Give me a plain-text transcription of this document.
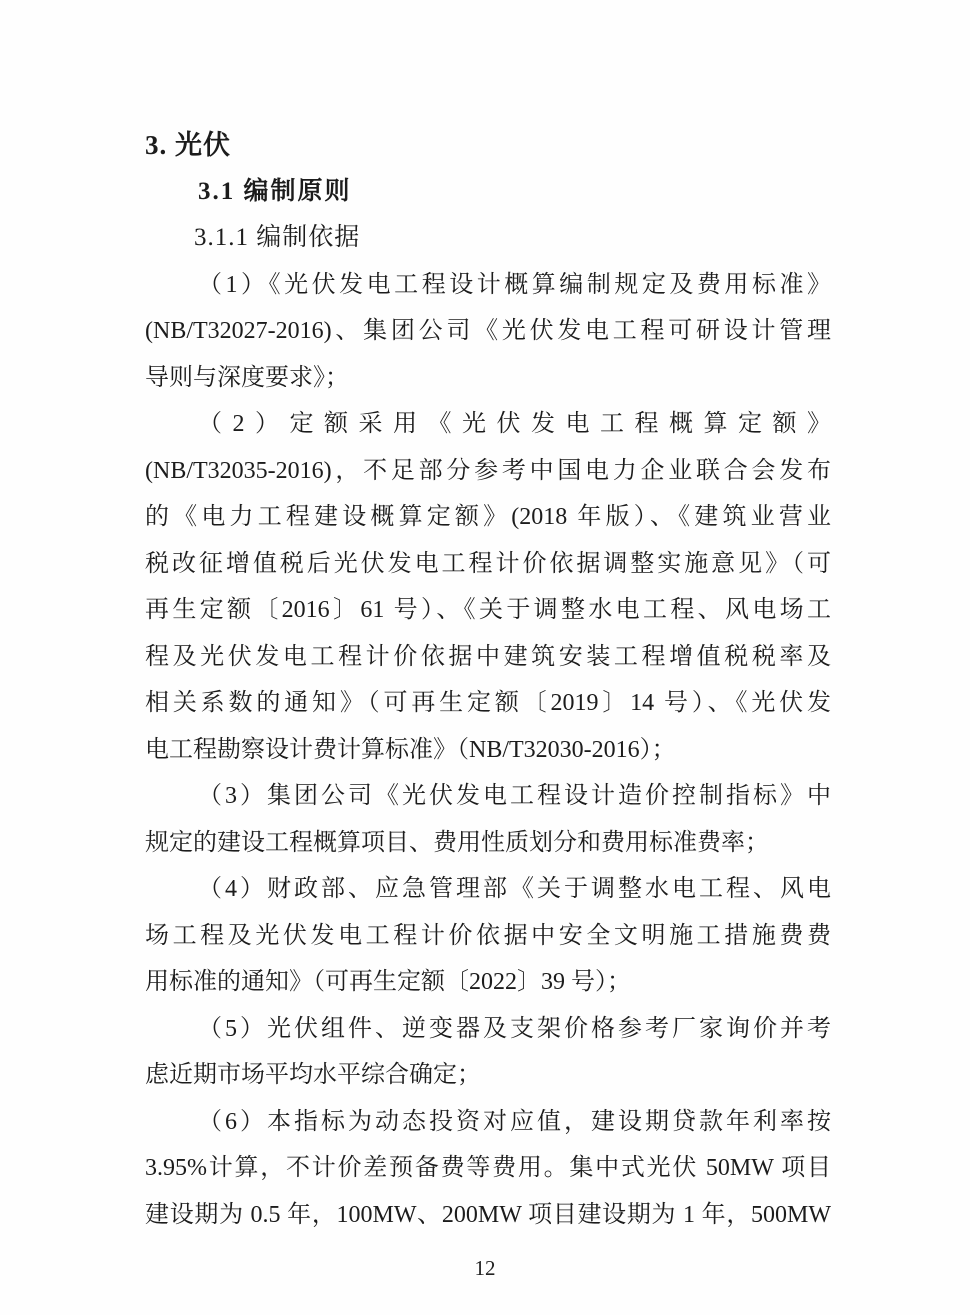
3. 光伏
3.1 编制原则
3.1.1 编制依据
（1）《光伏发电工程设计概算编制规定及费用标准》
(NB/T32027-2016)、集团公司《光伏发电工程可研设计管理
导则与深度要求》；
（2）定额采用《光伏发电工程概算定额》
(NB/T32035-2016)，不足部分参考中国电力企业联合会发布
的《电力工程建设概算定额》(2018 年版）、《建筑业营业
税改征增值税后光伏发电工程计价依据调整实施意见》（可
再生定额〔2016〕61 号）、《关于调整水电工程、风电场工
程及光伏发电工程计价依据中建筑安装工程增值税税率及
相关系数的通知》（可再生定额〔2019〕14 号）、《光伏发
电工程勘察设计费计算标准》（NB/T32030-2016）；
（3）集团公司《光伏发电工程设计造价控制指标》中
规定的建设工程概算项目、费用性质划分和费用标准费率；
（4）财政部、应急管理部《关于调整水电工程、风电
场工程及光伏发电工程计价依据中安全文明施工措施费费
用标准的通知》（可再生定额〔2022〕39 号）；
（5）光伏组件、逆变器及支架价格参考厂家询价并考
虑近期市场平均水平综合确定；
（6）本指标为动态投资对应值，建设期贷款年利率按
3.95%计算，不计价差预备费等费用。集中式光伏 50MW 项目
建设期为 0.5 年，100MW、200MW 项目建设期为 1 年，500MW
12
